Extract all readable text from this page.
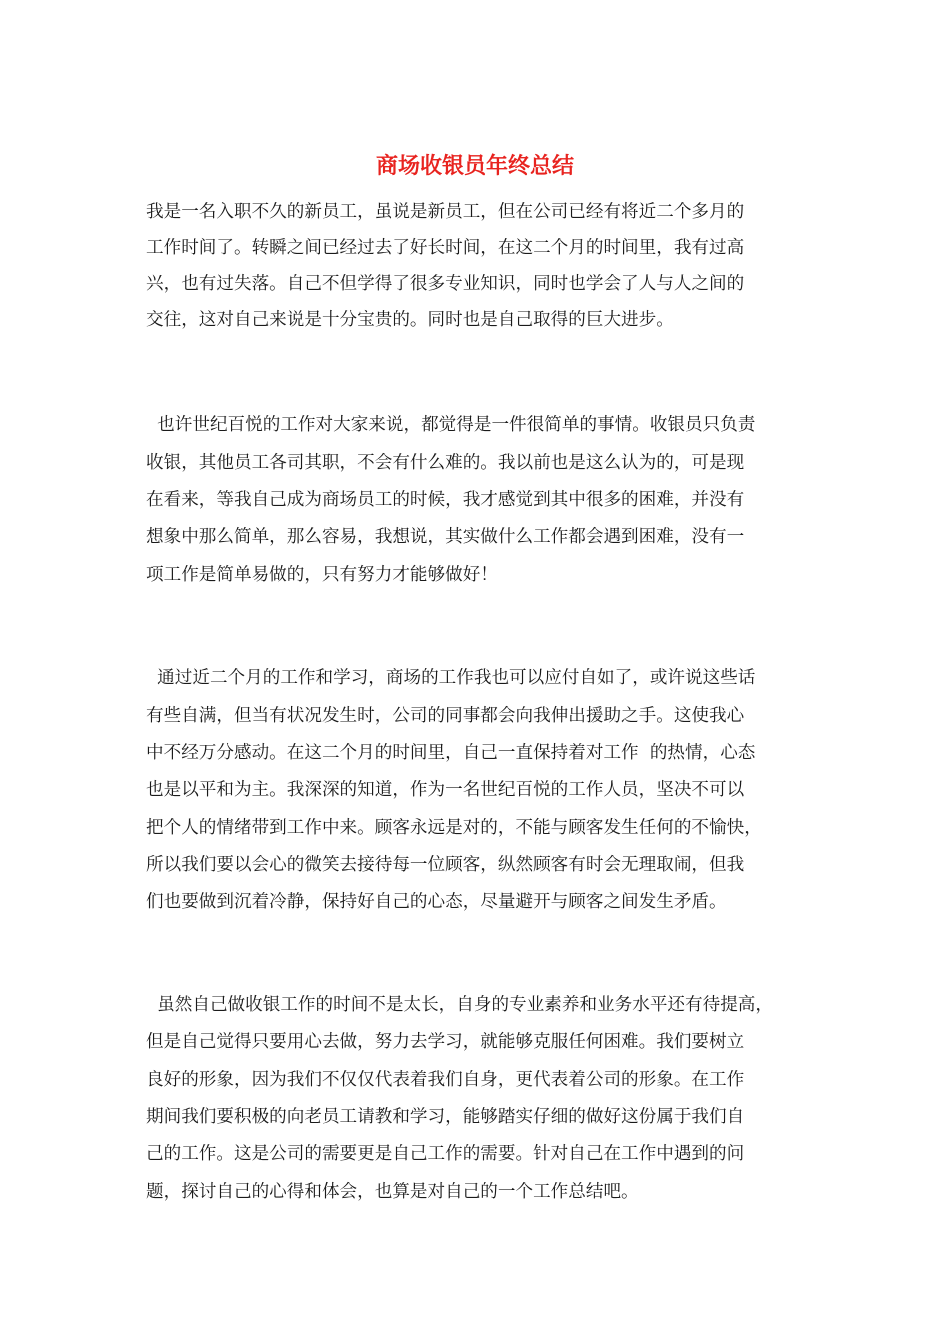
商场收银员年终总结
我是一名入职不久的新员工，虽说是新员工，但在公司已经有将近二个多月的
工作时间了。转瞬之间已经过去了好长时间，在这二个月的时间里，我有过高
兴，也有过失落。自己不但学得了很多专业知识，同时也学会了人与人之间的
交往，这对自己来说是十分宝贵的。同时也是自己取得的巨大进步。
也许世纪百悦的工作对大家来说，都觉得是一件很简单的事情。收银员只负责
收银，其他员工各司其职，不会有什么难的。我以前也是这么认为的，可是现
在看来，等我自己成为商场员工的时候，我才感觉到其中很多的困难，并没有
想象中那么简单，那么容易，我想说，其实做什么工作都会遇到困难，没有一
项工作是简单易做的，只有努力才能够做好！
通过近二个月的工作和学习，商场的工作我也可以应付自如了，或许说这些话
有些自满，但当有状况发生时，公司的同事都会向我伸出援助之手。这使我心
中不经万分感动。在这二个月的时间里，自己一直保持着对工作  的热情，心态
也是以平和为主。我深深的知道，作为一名世纪百悦的工作人员，坚决不可以
把个人的情绪带到工作中来。顾客永远是对的，不能与顾客发生任何的不愉快，
所以我们要以会心的微笑去接待每一位顾客，纵然顾客有时会无理取闹，但我
们也要做到沉着冷静，保持好自己的心态，尽量避开与顾客之间发生矛盾。
虽然自己做收银工作的时间不是太长，自身的专业素养和业务水平还有待提高，
但是自己觉得只要用心去做，努力去学习，就能够克服任何困难。我们要树立
良好的形象，因为我们不仅仅代表着我们自身，更代表着公司的形象。在工作
期间我们要积极的向老员工请教和学习，能够踏实仔细的做好这份属于我们自
己的工作。这是公司的需要更是自己工作的需要。针对自己在工作中遇到的问
题，探讨自己的心得和体会，也算是对自己的一个工作总结吧。
